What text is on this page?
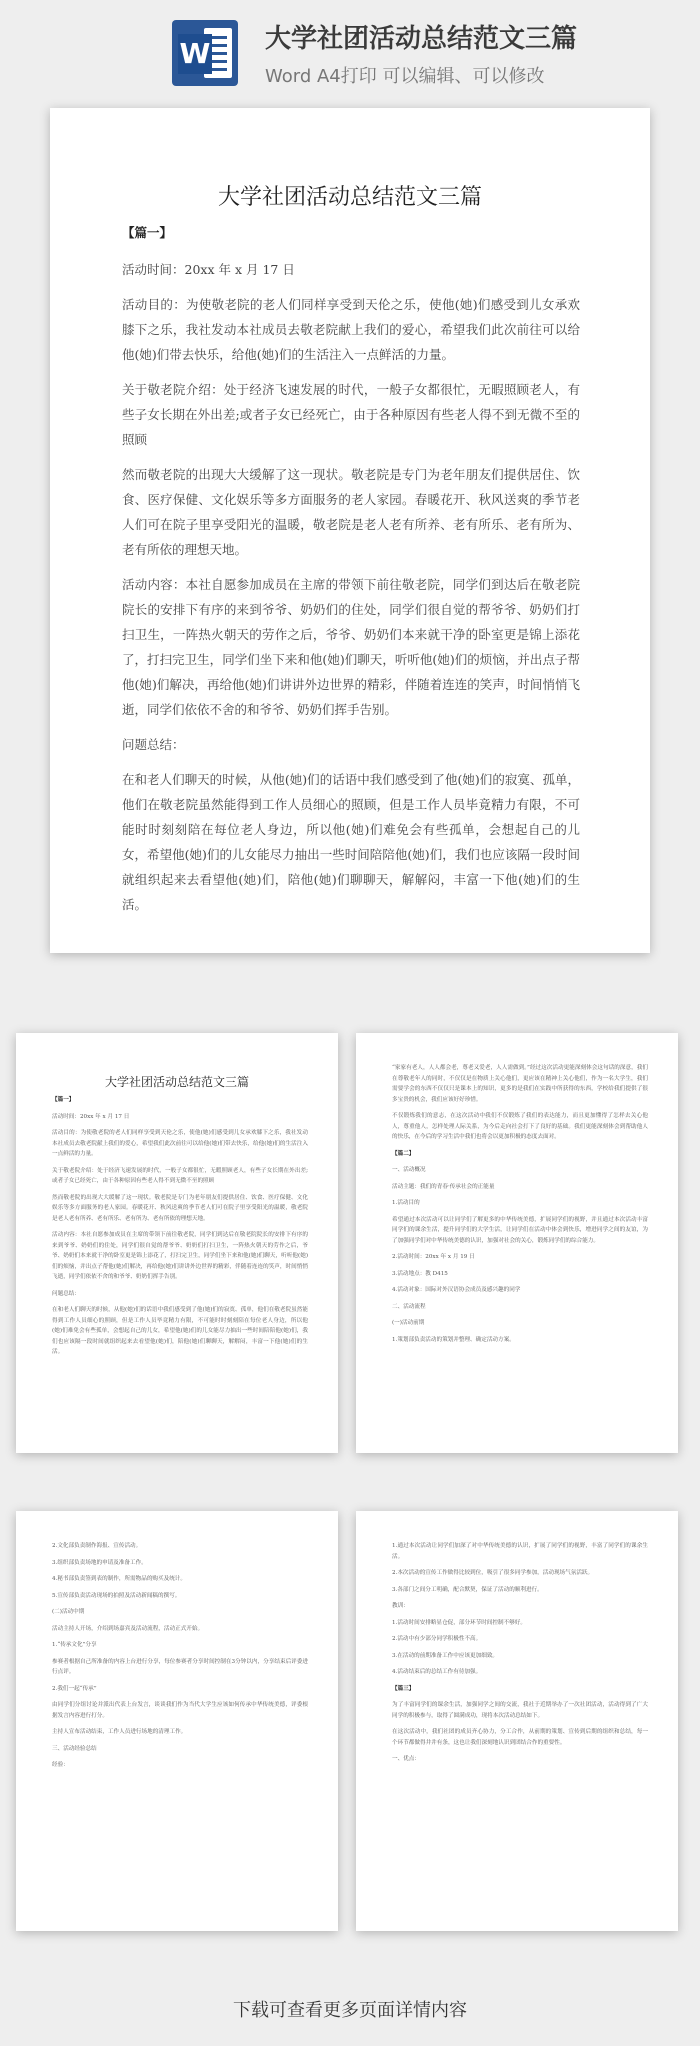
W 大学社团活动总结范文三篇
Word A4打印 可以编辑、可以修改
大学社团活动总结范文三篇

【篇一】

活动时间：20xx 年 x 月 17 日

活动目的：为使敬老院的老人们同样享受到天伦之乐，使他(她)们感受到儿女承欢膝下之乐，我社发动本社成员去敬老院献上我们的爱心，希望我们此次前往可以给他(她)们带去快乐，给他(她)们的生活注入一点鲜活的力量。

关于敬老院介绍：处于经济飞速发展的时代，一般子女都很忙，无暇照顾老人，有些子女长期在外出差;或者子女已经死亡，由于各种原因有些老人得不到无微不至的照顾

然而敬老院的出现大大缓解了这一现状。敬老院是专门为老年朋友们提供居住、饮食、医疗保健、文化娱乐等多方面服务的老人家园。春暖花开、秋风送爽的季节老人们可在院子里享受阳光的温暖，敬老院是老人老有所养、老有所乐、老有所为、老有所依的理想天地。

活动内容：本社自愿参加成员在主席的带领下前往敬老院，同学们到达后在敬老院院长的安排下有序的来到爷爷、奶奶们的住处，同学们很自觉的帮爷爷、奶奶们打扫卫生，一阵热火朝天的劳作之后，爷爷、奶奶们本来就干净的卧室更是锦上添花了，打扫完卫生，同学们坐下来和他(她)们聊天，听听他(她)们的烦恼，并出点子帮他(她)们解决，再给他(她)们讲讲外边世界的精彩，伴随着连连的笑声，时间悄悄飞逝，同学们依依不舍的和爷爷、奶奶们挥手告别。

问题总结：

在和老人们聊天的时候，从他(她)们的话语中我们感受到了他(她)们的寂寞、孤单，他们在敬老院虽然能得到工作人员细心的照顾，但是工作人员毕竟精力有限，不可能时时刻刻陪在每位老人身边，所以他(她)们难免会有些孤单，会想起自己的儿女，希望他(她)们的儿女能尽力抽出一些时间陪陪他(她)们，我们也应该隔一段时间就组织起来去看望他(她)们，陪他(她)们聊聊天，解解闷，丰富一下他(她)们的生活。

大学社团活动总结范文三篇

【篇一】

活动时间：20xx 年 x 月 17 日

活动目的：为使敬老院的老人们同样享受到天伦之乐，使他(她)们感受到儿女承欢膝下之乐，我社发动本社成员去敬老院献上我们的爱心，希望我们此次前往可以给他(她)们带去快乐，给他(她)们的生活注入一点鲜活的力量。

关于敬老院介绍：处于经济飞速发展的时代，一般子女都很忙，无暇照顾老人，有些子女长期在外出差;或者子女已经死亡，由于各种原因有些老人得不到无微不至的照顾

然而敬老院的出现大大缓解了这一现状。敬老院是专门为老年朋友们提供居住、饮食、医疗保健、文化娱乐等多方面服务的老人家园。春暖花开、秋风送爽的季节老人们可在院子里享受阳光的温暖，敬老院是老人老有所养、老有所乐、老有所为、老有所依的理想天地。

活动内容：本社自愿参加成员在主席的带领下前往敬老院，同学们到达后在敬老院院长的安排下有序的来到爷爷、奶奶们的住处，同学们很自觉的帮爷爷、奶奶们打扫卫生，一阵热火朝天的劳作之后，爷爷、奶奶们本来就干净的卧室更是锦上添花了，打扫完卫生，同学们坐下来和他(她)们聊天，听听他(她)们的烦恼，并出点子帮他(她)们解决，再给他(她)们讲讲外边世界的精彩，伴随着连连的笑声，时间悄悄飞逝，同学们依依不舍的和爷爷、奶奶们挥手告别。

问题总结：

在和老人们聊天的时候，从他(她)们的话语中我们感受到了他(她)们的寂寞、孤单，他们在敬老院虽然能得到工作人员细心的照顾，但是工作人员毕竟精力有限，不可能时时刻刻陪在每位老人身边，所以他(她)们难免会有些孤单，会想起自己的儿女，希望他(她)们的儿女能尽力抽出一些时间陪陪他(她)们，我们也应该隔一段时间就组织起来去看望他(她)们，陪他(她)们聊聊天，解解闷，丰富一下他(她)们的生活。

“家家有老人，人人都会老，尊老又爱老，人人需做到。”经过这次活动更能深刻体会这句话的深意，我们在尊敬老年人的同时，不仅仅是在物质上关心他们，更应该在精神上关心他们，作为一名大学生，我们需要学会的东西不仅仅只是课本上的知识，更多的是我们在实践中所获得的东西，学校给我们提供了很多宝贵的机会，我们应该好好珍惜。

不仅锻炼我们的意志，在这次活动中我们不仅锻炼了我们的表达能力，而且更加懂得了怎样去关心他人，尊重他人，怎样处理人际关系，为今后走向社会打下了良好的基础。我们更能深刻体会到帮助他人的快乐，在今后的学习生活中我们也将会以更加积极的态度去面对。

【篇二】

一、活动概况

活动主题：我们的青春·传承社会的正能量

1.活动目的

希望通过本次活动可以让同学们了解更多的中华传统美德，扩展同学们的视野，并且通过本次活动丰富同学们的课余生活，提升同学们的大学生活，让同学们在活动中体会到快乐，增进同学之间的友谊，为了加强同学们对中华传统美德的认识，加强对社会的关心，锻炼同学们的综合能力。

2.活动时间：20xx 年 x 月 19 日

3.活动地点：教 D415

4.活动对象：国际对外汉语协会成员及感兴趣的同学

二、活动流程

(一)活动前期

1.策划部负责活动的策划并整理、确定活动方案。

2.文化部负责制作海报、宣传活动。

3.组织部负责场地的申请及准备工作。

4.秘书部负责签到表的制作，所需物品的购买及统计。

5.宣传部负责活动现场的拍照及活动新闻稿的撰写。

(二)活动中期

活动主持人开场，介绍到场嘉宾及活动流程，活动正式开始。

1.“传承文化”分享

参赛者根据自己所准备的内容上台进行分享，每位参赛者分享时间控制在3分钟以内，分享结束后评委进行点评。

2.我们一起“传承”

由同学们分组讨论并派出代表上台发言，谈谈我们作为当代大学生应该如何传承中华传统美德，评委根据发言内容进行打分。

主持人宣布活动结束，工作人员进行场地的清理工作。

三、活动经验总结

经验：

1.通过本次活动让同学们加深了对中华传统美德的认识，扩展了同学们的视野，丰富了同学们的课余生活。

2.本次活动的宣传工作做得比较到位，吸引了很多同学参加，活动现场气氛活跃。

3.各部门之间分工明确，配合默契，保证了活动的顺利进行。

教训：

1.活动时间安排略显仓促，部分环节时间控制不够好。

2.活动中有少部分同学积极性不高。

3.在活动的前期准备工作中应该更加细致。

4.活动结束后的总结工作有待加强。

【篇三】

为了丰富同学们的课余生活，加强同学之间的交流，我社于近期举办了一次社团活动，活动得到了广大同学的积极参与，取得了圆满成功，现将本次活动总结如下。

在这次活动中，我们社团的成员齐心协力，分工合作，从前期的策划、宣传到后期的组织和总结，每一个环节都做得井井有条，这也让我们深刻地认识到团结合作的重要性。

一、优点：

下载可查看更多页面详情内容
